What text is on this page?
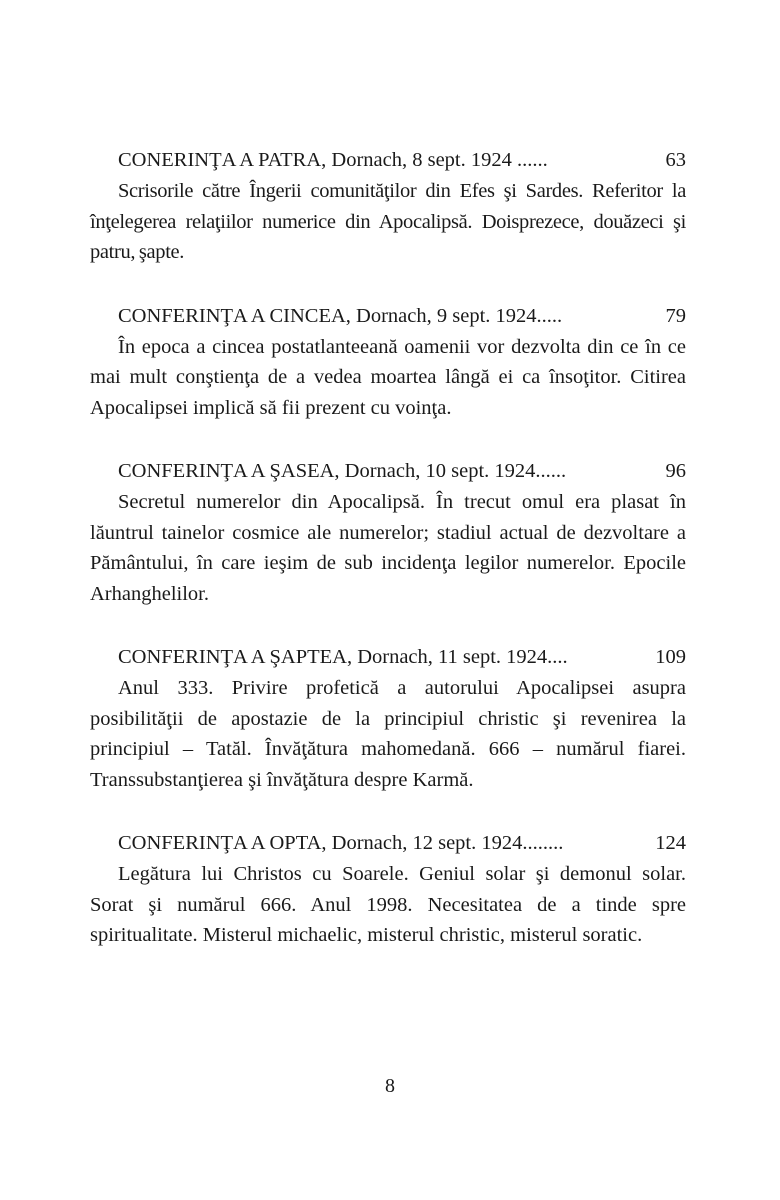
CONERINŢA A PATRA, Dornach, 8 sept. 1924 ......	63

Scrisorile către Îngerii comunităţilor din Efes şi Sardes. Referitor la înţelegerea relaţiilor numerice din Apocalipsă. Doisprezece, douăzeci şi patru, şapte.

CONFERINŢA A CINCEA, Dornach, 9 sept. 1924.....	79

În epoca a cincea postatlanteeană oamenii vor dezvolta din ce în ce mai mult conştienţa de a vedea moartea lângă ei ca însoţitor. Citirea Apocalipsei implică să fii prezent cu voinţa.

CONFERINŢA A ŞASEA, Dornach, 10 sept. 1924......	96

Secretul numerelor din Apocalipsă. În trecut omul era plasat în lăuntrul tainelor cosmice ale numerelor; stadiul actual de dezvoltare a Pământului, în care ieşim de sub incidenţa legilor numerelor. Epocile Arhanghelilor.

CONFERINŢA A ŞAPTEA, Dornach, 11 sept. 1924....	109

Anul 333. Privire profetică a autorului Apocalipsei asupra posibilităţii de apostazie de la principiul christic şi revenirea la principiul – Tatăl. Învăţătura mahomedană. 666 – numărul fiarei. Transsubstanţierea şi învăţătura despre Karmă.

CONFERINŢA A OPTA, Dornach, 12 sept. 1924........	124

Legătura lui Christos cu Soarele. Geniul solar şi demonul solar. Sorat şi numărul 666. Anul 1998. Necesitatea de a tinde spre spiritualitate. Misterul michaelic, misterul christic, misterul soratic.

8
